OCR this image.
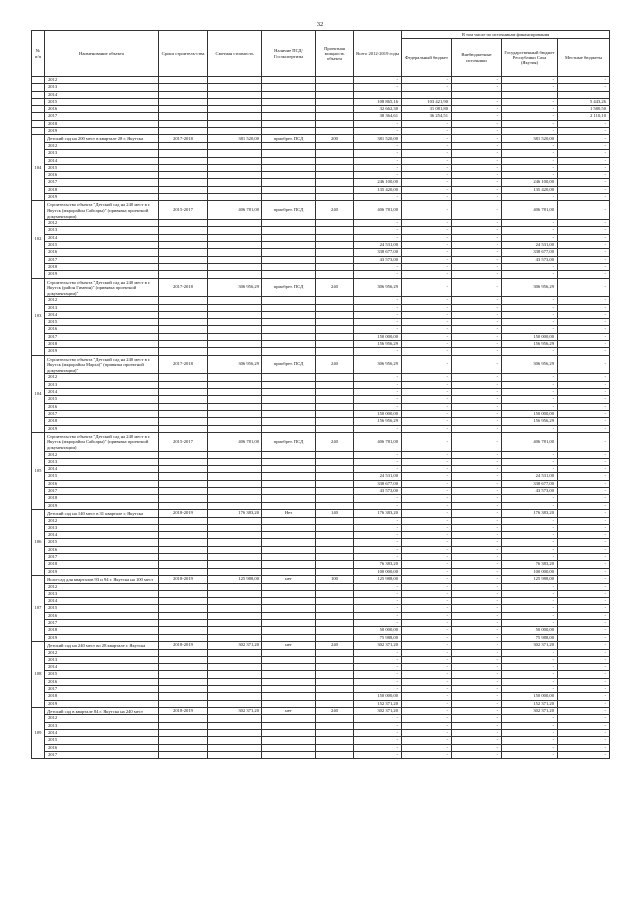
32
№ п/п	Наименование объекта	Сроки строитель-ства	Сметная стоимость	Наличие ПСД/ Госэкспертизы	Проектная мощность объекта	Всего 2012-2019 годы	В том числе по источникам финансирования			
							Федеральный бюджет	Внебюджетные источники	Государственный бюджет Республики Саха (Якутия)	Местные бюджеты
	2012					-	-	-	-	-
	2013					-	-	-	-	-
	2014									
	2015					108 865,16	103 421,90	-	-	5 443,26
	2016					32 662,30	31 081,80	-	-	1 580,50
	2017					38 364,61	36 254,51	-	-	2 110,10
	2018					-	-	-	-	-
	2019					-	-	-	-	-
104	Детский сад на 200 мест в квартале 28 г. Якутска	2017-2018	381 520,00	приобрет. ПСД	200	381 520,00	-	-	381 520,00	-
	2012					-	-	-	-	-
	2013					-	-	-	-	-
	2014					-	-	-	-	-
	2015					-	-	-	-	-
	2016					-	-	-	-	-
	2017					246 100,00	-	-	246 100,00	-
	2018					135 420,00	-	-	135 420,00	-
	2019					-	-	-	-	-
102	Строительство объекта "Детский сад на 240 мест в г. Якутск (мкрорайон Сайсары)" (привязка проектной документации)	2015-2017	406 781,00	приобрет. ПСД	240	406 781,00	-	-	406 781,00	-
	2012					-	-	-	-	-
	2013					-	-	-	-	-
	2014					-	-	-	-	-
	2015					24 531,00	-	-	24 531,00	-
	2016					338 677,00	-	-	338 677,00	-
	2017					43 573,00	-	-	43 573,00	-
	2018					-	-	-	-	-
	2019					-	-	-	-	-
103	Строительство объекта "Детский сад на 240 мест в г. Якутск (район Гимеин)" (привязка проектной документации)"	2017-2018	306 956,29	приобрет. ПСД	240	306 956,29	-	-	306 956,29	-
	2012					-	-	-	-	-
	2013					-	-	-	-	-
	2014					-	-	-	-	-
	2015					-	-	-	-	-
	2016					-	-	-	-	-
	2017					150 000,00	-	-	150 000,00	-
	2018					156 956,29	-	-	156 956,29	-
	2019					-	-	-	-	-
104	Строительство объекта "Детский сад на 240 мест в г. Якутск (мкрорайон Марха)" (привязка проектной документации)"	2017-2018	306 956,29	приобрет. ПСД	240	306 956,29	-	-	306 956,29	-
	2012					-	-	-	-	-
	2013					-	-	-	-	-
	2014					-	-	-	-	-
	2015					-	-	-	-	-
	2016					-	-	-	-	-
	2017					150 000,00	-	-	150 000,00	-
	2018					156 956,29	-	-	156 956,29	-
	2019					-	-	-	-	-
105	Строительство объекта "Детский сад на 240 мест в г. Якутск (мкрорайон Сайсары)" (привязка проектной документации)	2015-2017	406 781,00	приобрет. ПСД	240	406 781,00	-	-	406 781,00	-
	2012					-	-	-	-	-
	2013					-	-	-	-	-
	2014					-	-	-	-	-
	2015					24 531,00	-	-	24 531,00	-
	2016					338 677,00	-	-	338 677,00	-
	2017					43 573,00	-	-	43 573,00	-
	2018					-	-	-	-	-
	2019					-	-	-	-	-
106	Детский сад на 140 мест в 31 квартале г. Якутска	2018-2019	176 383,20	Нет	140	176 383,20	-	-	176 383,20	-
	2012					-	-	-	-	-
	2013					-	-	-	-	-
	2014					-	-	-	-	-
	2015					-	-	-	-	-
	2016					-	-	-	-	-
	2017					-	-	-	-	-
	2018					76 383,20	-	-	76 383,20	-
	2019					100 000,00	-	-	100 000,00	-
107	Ясли-сад для кварталов 93 и 94 г. Якутска на 100 мест	2018-2019	125 988,00	нет	100	125 988,00	-	-	125 988,00	-
	2012					-	-	-	-	-
	2013					-	-	-	-	-
	2014					-	-	-	-	-
	2015					-	-	-	-	-
	2016					-	-	-	-	-
	2017					-	-	-	-	-
	2018					50 000,00	-	-	50 000,00	-
	2019					75 988,00	-	-	75 988,00	-
108	Детский сад на 240 мест во 28 квартале г. Якутска	2018-2019	302 371,20	нет	240	302 371,20	-	-	302 371,20	-
	2012					-	-	-	-	-
	2013					-	-	-	-	-
	2014					-	-	-	-	-
	2015					-	-	-	-	-
	2016					-	-	-	-	-
	2017					-	-	-	-	-
	2018					150 000,00	-	-	150 000,00	-
	2019					152 371,20	-	-	152 371,20	-
109	Детский сад в квартале 84 г. Якутска на 240 мест	2018-2019	302 371,20	нет	240	302 371,20	-	-	302 371,20	-
	2012					-	-	-	-	-
	2013					-	-	-	-	-
	2014					-	-	-	-	-
	2015					-	-	-	-	-
	2016					-	-	-	-	-
	2017					-	-	-	-	-
